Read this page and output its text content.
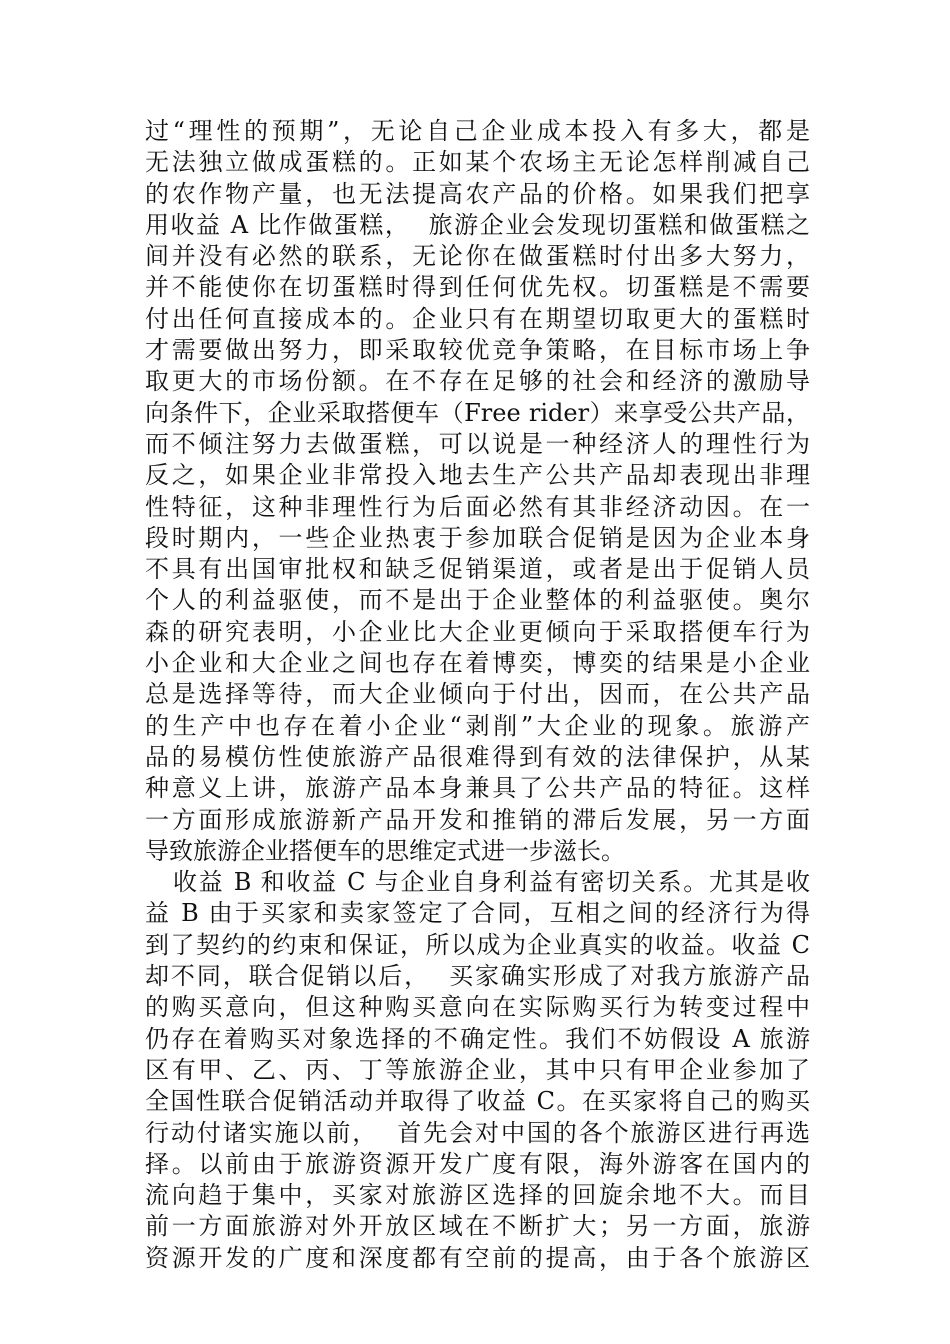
过“理性的预期”，无论自己企业成本投入有多大，都是
无法独立做成蛋糕的。正如某个农场主无论怎样削减自己
的农作物产量，也无法提高农产品的价格。如果我们把享
用收益 A 比作做蛋糕，  旅游企业会发现切蛋糕和做蛋糕之
间并没有必然的联系，无论你在做蛋糕时付出多大努力，
并不能使你在切蛋糕时得到任何优先权。切蛋糕是不需要
付出任何直接成本的。企业只有在期望切取更大的蛋糕时
才需要做出努力，即采取较优竞争策略，在目标市场上争
取更大的市场份额。在不存在足够的社会和经济的激励导
向条件下，企业采取搭便车（Free rider）来享受公共产品，
而不倾注努力去做蛋糕，可以说是一种经济人的理性行为
反之，如果企业非常投入地去生产公共产品却表现出非理
性特征，这种非理性行为后面必然有其非经济动因。在一
段时期内，一些企业热衷于参加联合促销是因为企业本身
不具有出国审批权和缺乏促销渠道，或者是出于促销人员
个人的利益驱使，而不是出于企业整体的利益驱使。奥尔
森的研究表明，小企业比大企业更倾向于采取搭便车行为
小企业和大企业之间也存在着博奕，博奕的结果是小企业
总是选择等待，而大企业倾向于付出，因而，在公共产品
的生产中也存在着小企业“剥削”大企业的现象。旅游产
品的易模仿性使旅游产品很难得到有效的法律保护，从某
种意义上讲，旅游产品本身兼具了公共产品的特征。这样
一方面形成旅游新产品开发和推销的滞后发展，另一方面
导致旅游企业搭便车的思维定式进一步滋长。
收益 B 和收益 C 与企业自身利益有密切关系。尤其是收
益 B 由于买家和卖家签定了合同，互相之间的经济行为得
到了契约的约束和保证，所以成为企业真实的收益。收益 C
却不同，联合促销以后，  买家确实形成了对我方旅游产品
的购买意向，但这种购买意向在实际购买行为转变过程中
仍存在着购买对象选择的不确定性。我们不妨假设 A 旅游
区有甲、乙、丙、丁等旅游企业，其中只有甲企业参加了
全国性联合促销活动并取得了收益 C。在买家将自己的购买
行动付诸实施以前，  首先会对中国的各个旅游区进行再选
择。以前由于旅游资源开发广度有限，海外游客在国内的
流向趋于集中，买家对旅游区选择的回旋余地不大。而目
前一方面旅游对外开放区域在不断扩大；另一方面，旅游
资源开发的广度和深度都有空前的提高，由于各个旅游区
